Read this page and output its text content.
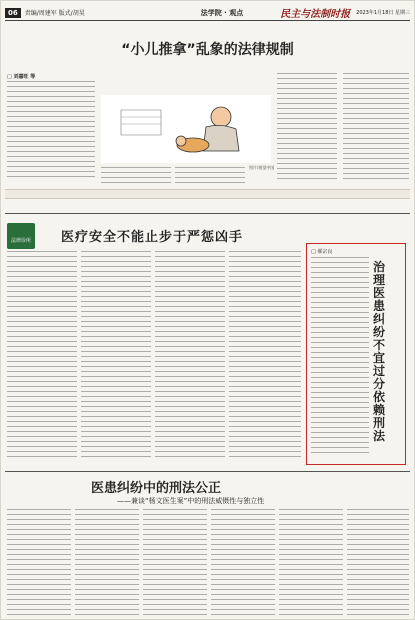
06	责编/周建军 版式/胡昊	法学院 · 观点	民主与法制时报 2023年1月18日 星期三
“小儿推拿”乱象的法律规制
□ 刘嘉旺 等
图片/视觉中国
法律诊所	医疗安全不能止步于严惩凶手
□ 郝宗良
治理医患纠纷不宜过分依赖刑法
医患纠纷中的刑法公正
——兼谈“杨文医生案”中的刑法威慑性与独立性
